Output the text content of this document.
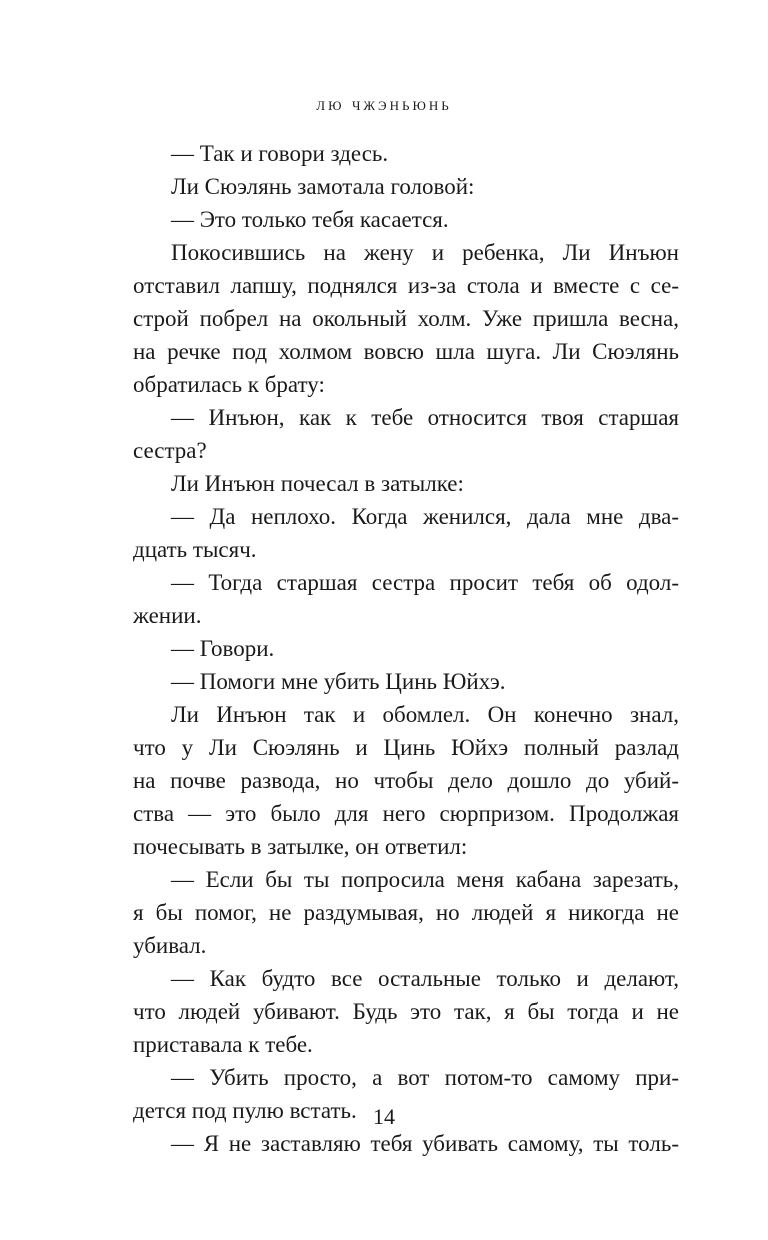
лю чжэньюнь
— Так и говори здесь.
Ли Сюэлянь замотала головой:
— Это только тебя касается.
Покосившись на жену и ребенка, Ли Инъюн
отставил лапшу, поднялся из-за стола и вместе с се-
строй побрел на окольный холм. Уже пришла весна,
на речке под холмом вовсю шла шуга. Ли Сюэлянь
обратилась к брату:
— Инъюн, как к тебе относится твоя старшая
сестра?
Ли Инъюн почесал в затылке:
— Да неплохо. Когда женился, дала мне два-
дцать тысяч.
— Тогда старшая сестра просит тебя об одол-
жении.
— Говори.
— Помоги мне убить Цинь Юйхэ.
Ли Инъюн так и обомлел. Он конечно знал,
что у Ли Сюэлянь и Цинь Юйхэ полный разлад
на почве развода, но чтобы дело дошло до убий-
ства — это было для него сюрпризом. Продолжая
почесывать в затылке, он ответил:
— Если бы ты попросила меня кабана зарезать,
я бы помог, не раздумывая, но людей я никогда не
убивал.
— Как будто все остальные только и делают,
что людей убивают. Будь это так, я бы тогда и не
приставала к тебе.
— Убить просто, а вот потом-то самому при-
дется под пулю встать.
— Я не заставляю тебя убивать самому, ты толь-
14
